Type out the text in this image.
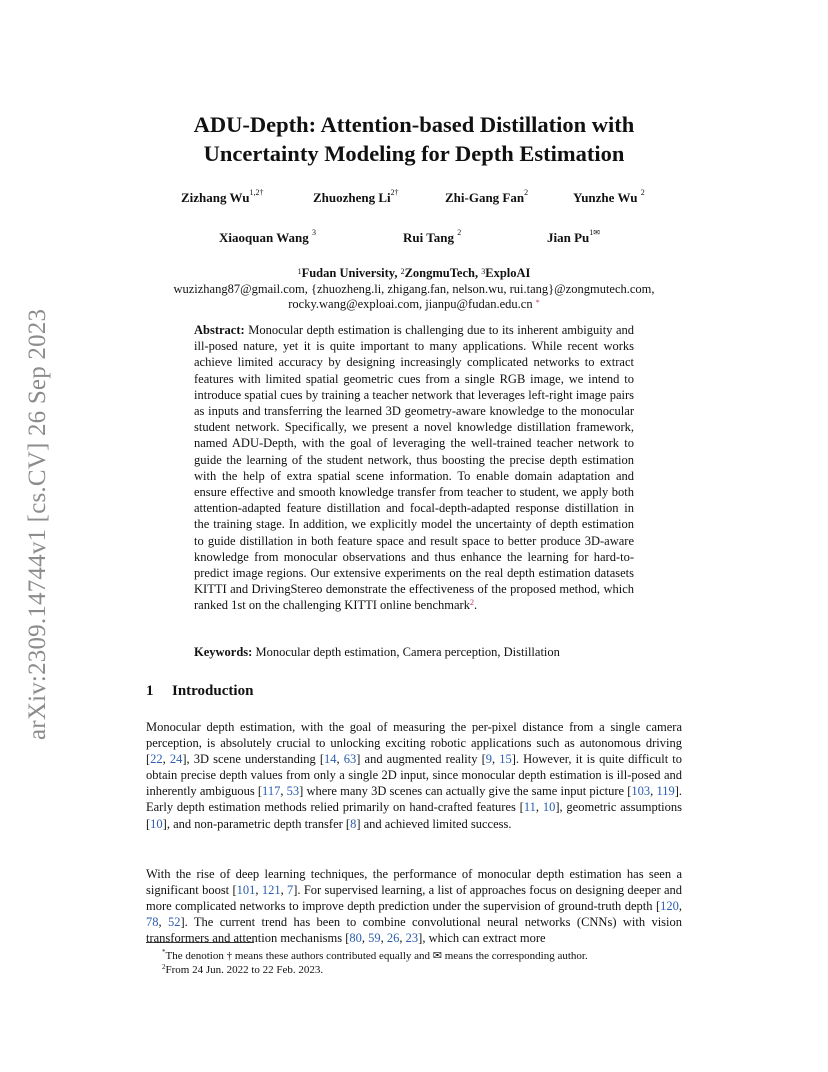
arXiv:2309.14744v1 [cs.CV] 26 Sep 2023
ADU-Depth: Attention-based Distillation with
Uncertainty Modeling for Depth Estimation
Zizhang $Wu^{1,2\dagger}$	Zhuozheng $Li^{2\dagger}$	Zhi-Gang Fan$^2$	Yunzhe Wu $^2$
Xiaoquan Wang $^3$	Rui Tang $^2$	Jian $Pu^{1✉}$
$^1$Fudan University, $^2$ZongmuTech, $^3$ExploAI
wuzizhang87@gmail.com, {zhuozheng.li, zhigang.fan, nelson.wu, rui.tang}@zongmutech.com,
rocky.wang@exploai.com, jianpu@fudan.edu.cn *
Abstract: Monocular depth estimation is challenging due to its inherent ambiguity and ill-posed nature, yet it is quite important to many applications. While recent works achieve limited accuracy by designing increasingly complicated networks to extract features with limited spatial geometric cues from a single RGB image, we intend to introduce spatial cues by training a teacher network that leverages left-right image pairs as inputs and transferring the learned 3D geometry-aware knowledge to the monocular student network. Specifically, we present a novel knowledge distillation framework, named ADU-Depth, with the goal of leveraging the well-trained teacher network to guide the learning of the student network, thus boosting the precise depth estimation with the help of extra spatial scene information. To enable domain adaptation and ensure effective and smooth knowledge transfer from teacher to student, we apply both attention-adapted feature distillation and focal-depth-adapted response distillation in the training stage. In addition, we explicitly model the uncertainty of depth estimation to guide distillation in both feature space and result space to better produce 3D-aware knowledge from monocular observations and thus enhance the learning for hard-to-predict image regions. Our extensive experiments on the real depth estimation datasets KITTI and DrivingStereo demonstrate the effectiveness of the proposed method, which ranked 1st on the challenging KITTI online benchmark$^2$.
Keywords: Monocular depth estimation, Camera perception, Distillation
1 Introduction

Monocular depth estimation, with the goal of measuring the per-pixel distance from a single camera perception, is absolutely crucial to unlocking exciting robotic applications such as autonomous driving [22, 24], 3D scene understanding [14, 63] and augmented reality [9, 15]. However, it is quite difficult to obtain precise depth values from only a single 2D input, since monocular depth estimation is ill-posed and inherently ambiguous [117, 53] where many 3D scenes can actually give the same input picture [103, 119]. Early depth estimation methods relied primarily on hand-crafted features [11, 10], geometric assumptions [10], and non-parametric depth transfer [8] and achieved limited success.

With the rise of deep learning techniques, the performance of monocular depth estimation has seen a significant boost [101, 121, 7]. For supervised learning, a list of approaches focus on designing deeper and more complicated networks to improve depth prediction under the supervision of ground-truth depth [120, 78, 52]. The current trend has been to combine convolutional neural networks (CNNs) with vision transformers and attention mechanisms [80, 59, 26, 23], which can extract more

*The denotion † means these authors contributed equally and ✉ means the corresponding author.
$^2$From 24 Jun. 2022 to 22 Feb. 2023.
